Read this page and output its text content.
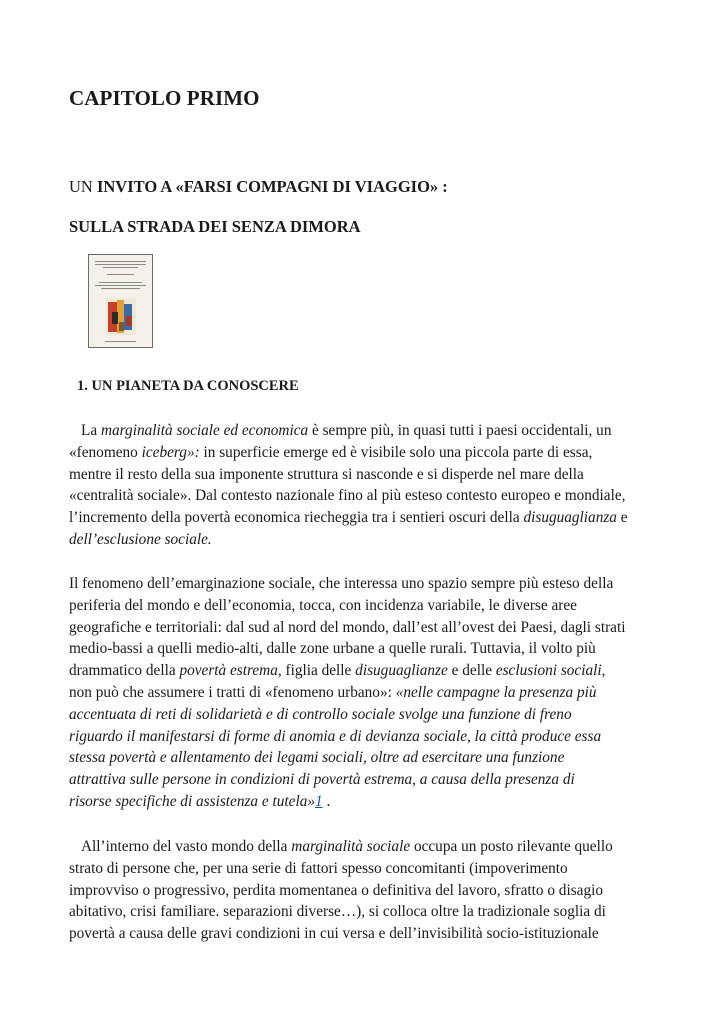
CAPITOLO PRIMO

UN INVITO A «FARSI COMPAGNI DI VIAGGIO» :

SULLA STRADA DEI SENZA DIMORA

1. UN PIANETA DA CONOSCERE

La marginalità sociale ed economica è sempre più, in quasi tutti i paesi occidentali, un
«fenomeno iceberg»: in superficie emerge ed è visibile solo una piccola parte di essa,
mentre il resto della sua imponente struttura si nasconde e si disperde nel mare della
«centralità sociale». Dal contesto nazionale fino al più esteso contesto europeo e mondiale,
l’incremento della povertà economica riecheggia tra i sentieri oscuri della disuguaglianza e
dell’esclusione sociale.

Il fenomeno dell’emarginazione sociale, che interessa uno spazio sempre più esteso della
periferia del mondo e dell’economia, tocca, con incidenza variabile, le diverse aree
geografiche e territoriali: dal sud al nord del mondo, dall’est all’ovest dei Paesi, dagli strati
medio-bassi a quelli medio-alti, dalle zone urbane a quelle rurali. Tuttavia, il volto più
drammatico della povertà estrema, figlia delle disuguaglianze e delle esclusioni sociali,
non può che assumere i tratti di «fenomeno urbano»: «nelle campagne la presenza più
accentuata di reti di solidarietà e di controllo sociale svolge una funzione di freno
riguardo il manifestarsi di forme di anomia e di devianza sociale, la città produce essa
stessa povertà e allentamento dei legami sociali, oltre ad esercitare una funzione
attrattiva sulle persone in condizioni di povertà estrema, a causa della presenza di
risorse specifiche di assistenza e tutela»1 .

All’interno del vasto mondo della marginalità sociale occupa un posto rilevante quello
strato di persone che, per una serie di fattori spesso concomitanti (impoverimento
improvviso o progressivo, perdita momentanea o definitiva del lavoro, sfratto o disagio
abitativo, crisi familiare. separazioni diverse…), si colloca oltre la tradizionale soglia di
povertà a causa delle gravi condizioni in cui versa e dell’invisibilità socio-istituzionale
